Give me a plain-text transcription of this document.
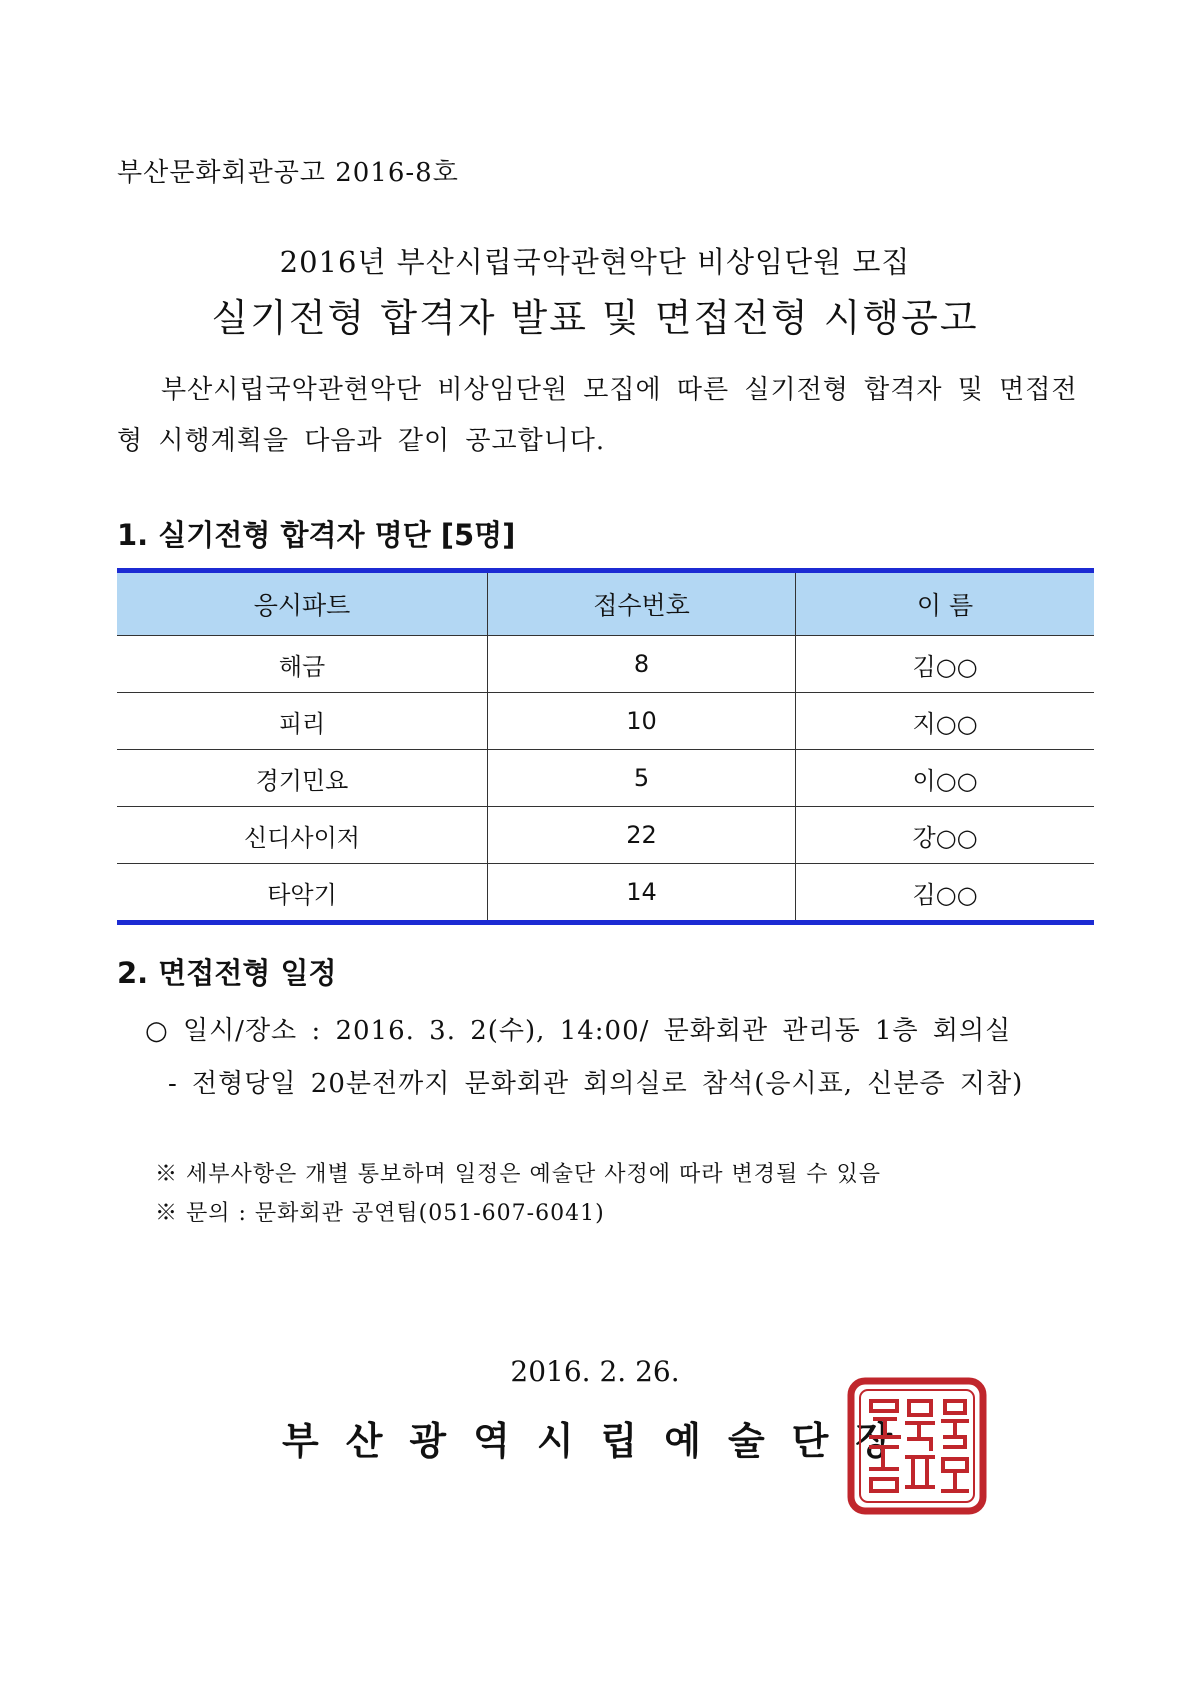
부산문화회관공고 2016-8호
2016년 부산시립국악관현악단 비상임단원 모집
실기전형 합격자 발표 및 면접전형 시행공고
부산시립국악관현악단 비상임단원 모집에 따른 실기전형 합격자 및 면접전형 시행계획을 다음과 같이 공고합니다.
1. 실기전형 합격자 명단 [5명]
응시파트	접수번호	이 름
해금	8	김○○
피리	10	지○○
경기민요	5	이○○
신디사이저	22	강○○
타악기	14	김○○
2. 면접전형 일정
○ 일시/장소 : 2016. 3. 2(수), 14:00/ 문화회관 관리동 1층 회의실
- 전형당일 20분전까지 문화회관 회의실로 참석(응시표, 신분증 지참)
※ 세부사항은 개별 통보하며 일정은 예술단 사정에 따라 변경될 수 있음
※ 문의 : 문화회관 공연팀(051-607-6041)
2016. 2. 26.
부산광역시립예술단장
